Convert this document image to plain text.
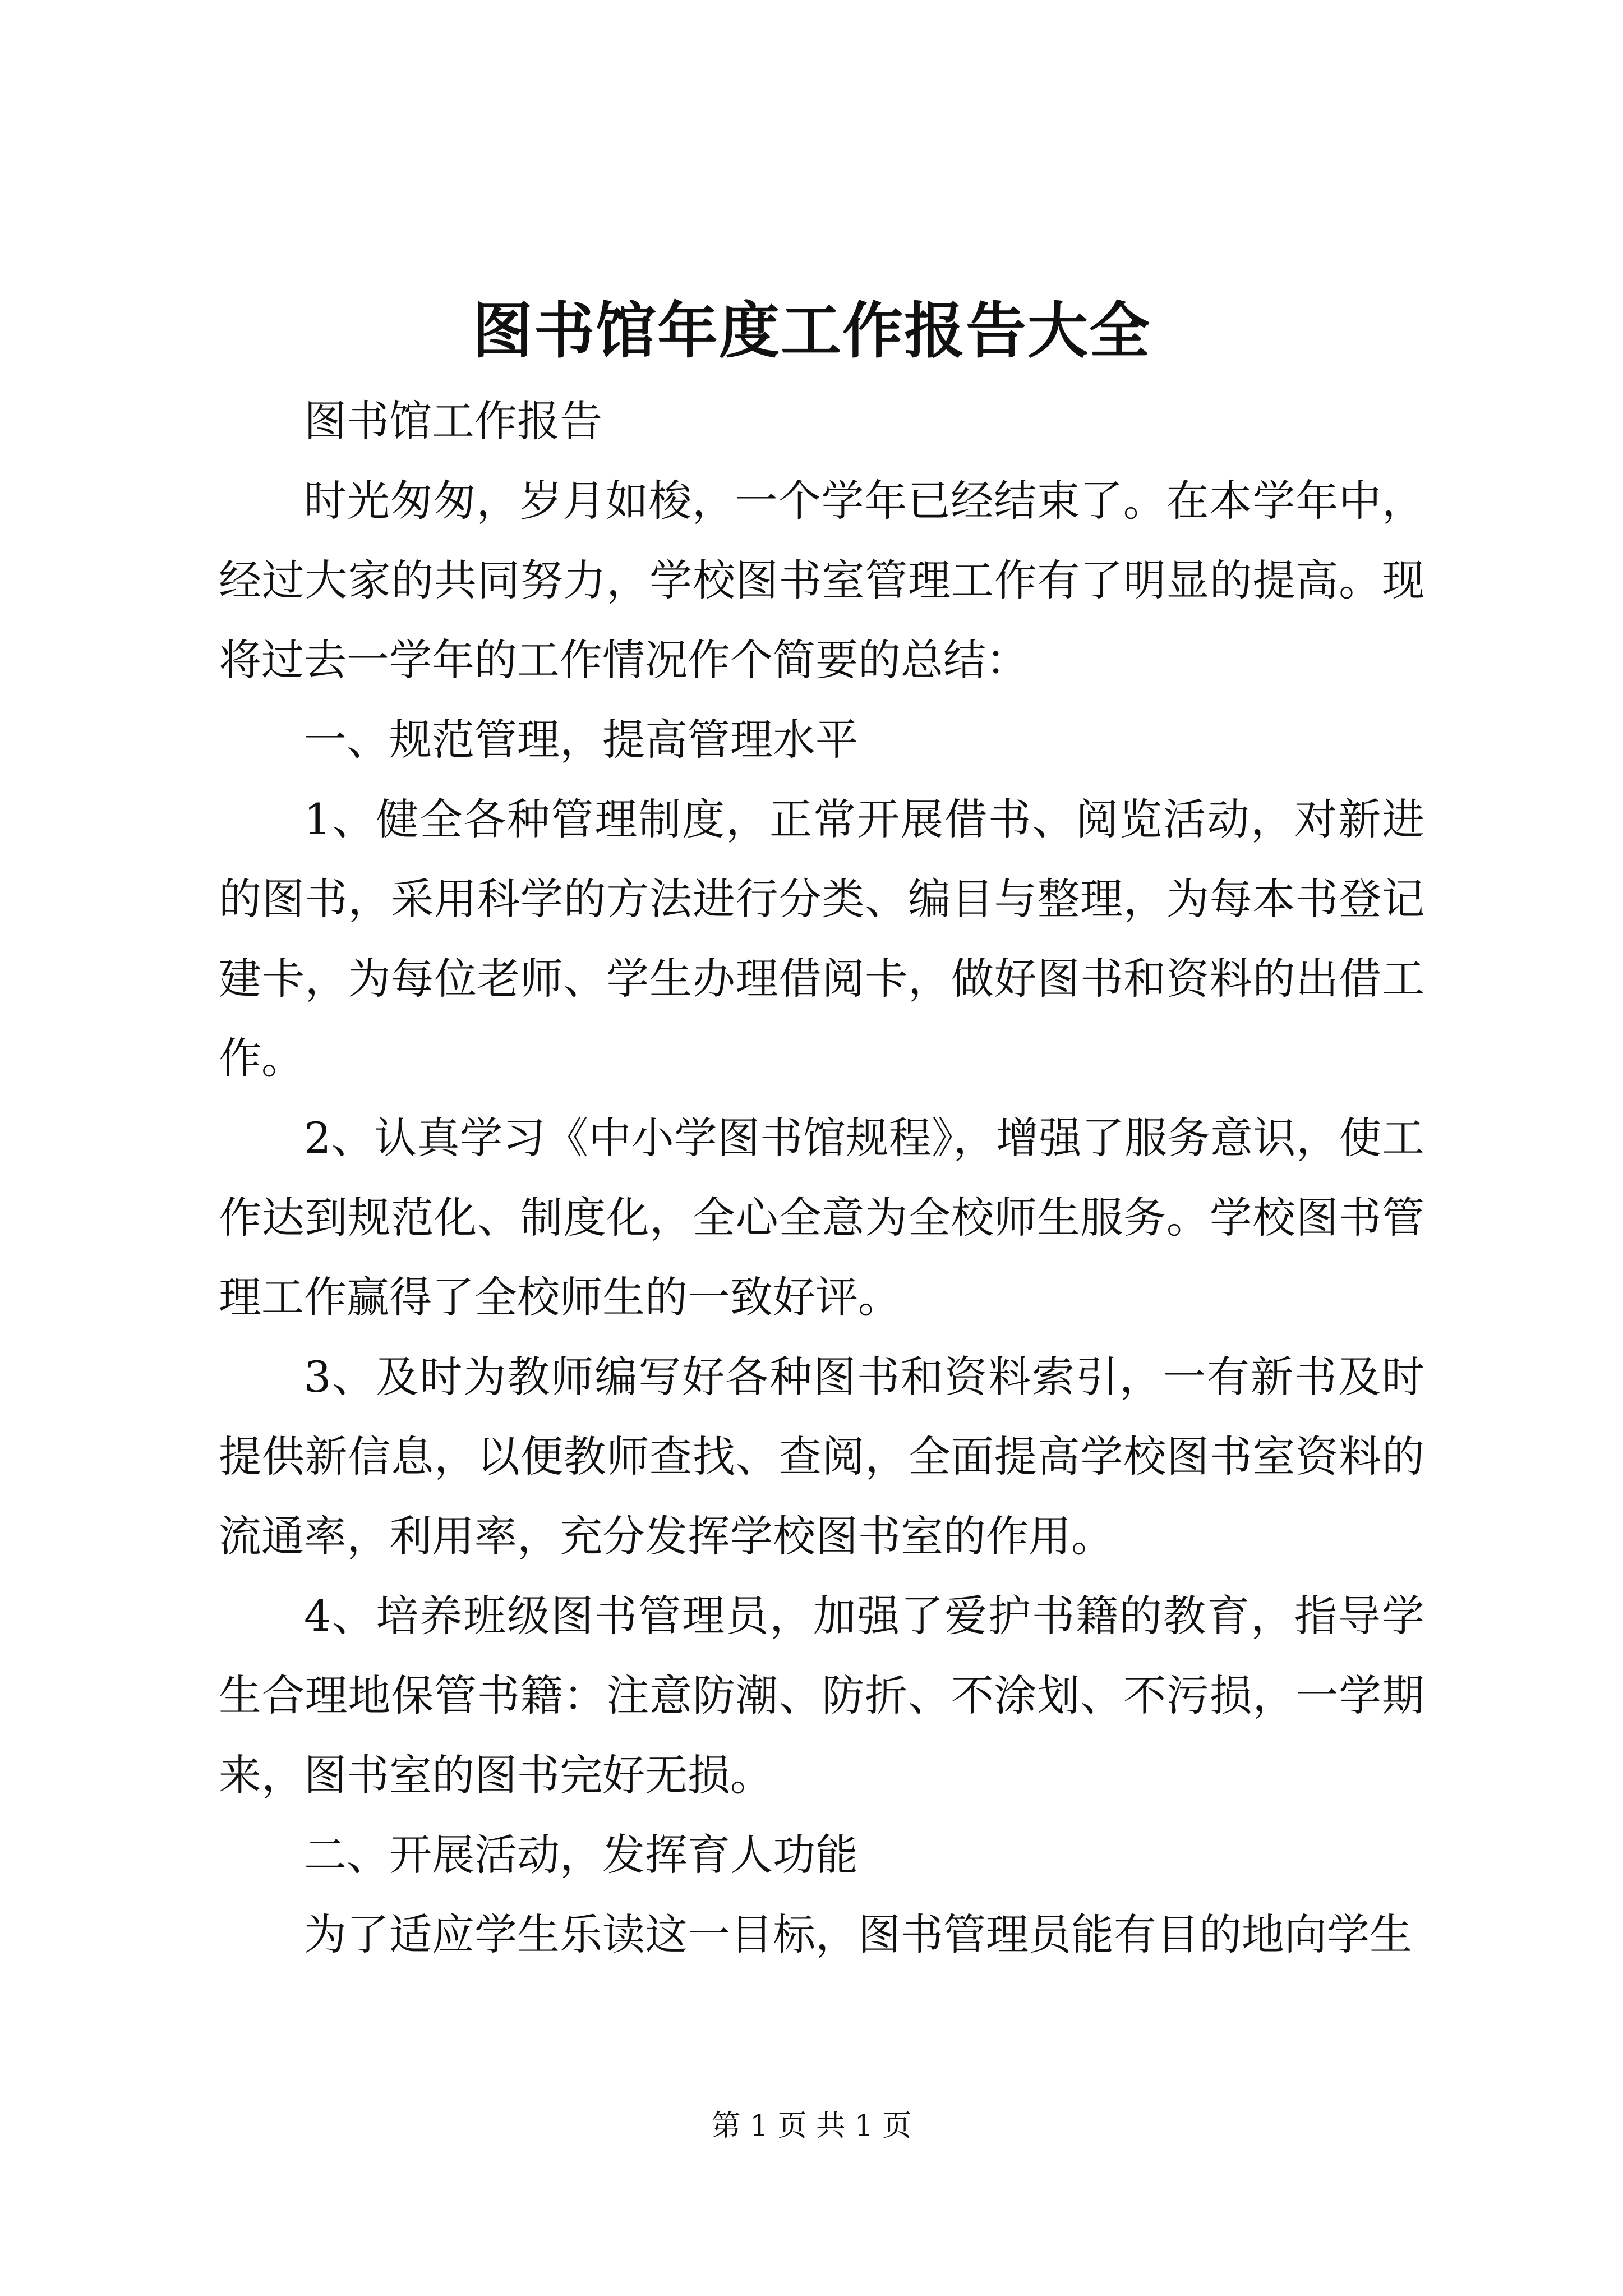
图书馆年度工作报告大全

图书馆工作报告

时光匆匆，岁月如梭，一个学年已经结束了。在本学年中，经过大家的共同努力，学校图书室管理工作有了明显的提高。现将过去一学年的工作情况作个简要的总结：

一、规范管理，提高管理水平

1、健全各种管理制度，正常开展借书、阅览活动，对新进的图书，采用科学的方法进行分类、编目与整理，为每本书登记建卡，为每位老师、学生办理借阅卡，做好图书和资料的出借工作。

2、认真学习《中小学图书馆规程》，增强了服务意识，使工作达到规范化、制度化，全心全意为全校师生服务。学校图书管理工作赢得了全校师生的一致好评。

3、及时为教师编写好各种图书和资料索引，一有新书及时提供新信息，以便教师查找、查阅，全面提高学校图书室资料的流通率，利用率，充分发挥学校图书室的作用。

4、培养班级图书管理员，加强了爱护书籍的教育，指导学生合理地保管书籍：注意防潮、防折、不涂划、不污损，一学期来，图书室的图书完好无损。

二、开展活动，发挥育人功能

为了适应学生乐读这一目标，图书管理员能有目的地向学生

第 1 页 共 1 页
